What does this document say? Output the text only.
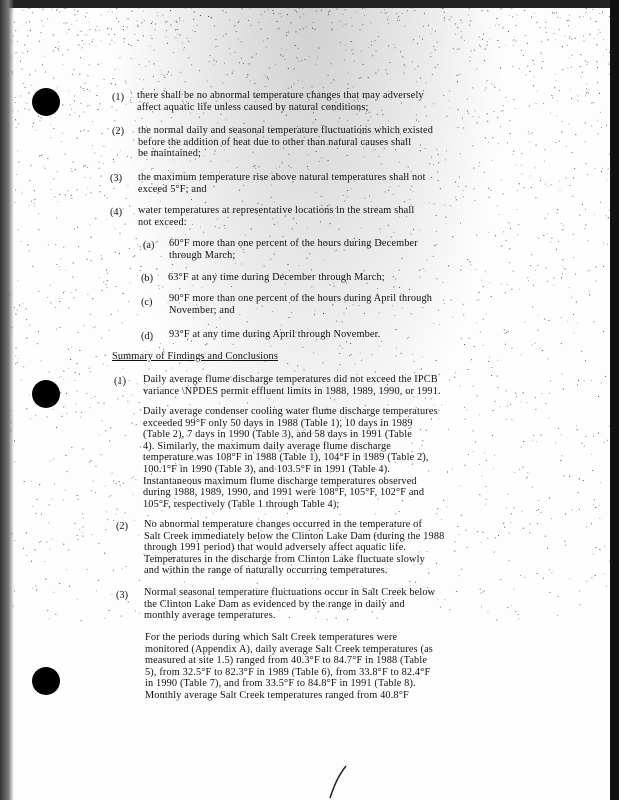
(1) there shall be no abnormal temperature changes that may adversely
affect aquatic life unless caused by natural conditions;
(2) the normal daily and seasonal temperature fluctuations which existed
before the addition of heat due to other than natural causes shall
be maintained;
(3) the maximum temperature rise above natural temperatures shall not
exceed 5°F; and
(4) water temperatures at representative locations in the stream shall
not exceed:
(a) 60°F more than one percent of the hours during December
through March;
(b) 63°F at any time during December through March;
(c) 90°F more than one percent of the hours during April through
November; and
(d) 93°F at any time during April through November.
Summary of Findings and Conclusions
(1) Daily average flume discharge temperatures did not exceed the IPCB
variance \NPDES permit effluent limits in 1988, 1989, 1990, or 1991.
Daily average condenser cooling water flume discharge temperatures
exceeded 99°F only 50 days in 1988 (Table 1), 10 days in 1989
(Table 2), 7 days in 1990 (Table 3), and 58 days in 1991 (Table
4). Similarly, the maximum daily average flume discharge
temperature was 108°F in 1988 (Table 1), 104°F in 1989 (Table 2),
100.1°F in 1990 (Table 3), and 103.5°F in 1991 (Table 4).
Instantaneous maximum flume discharge temperatures observed
during 1988, 1989, 1990, and 1991 were 108°F, 105°F, 102°F and
105°F, respectively (Table 1 through Table 4);
(2) No abnormal temperature changes occurred in the temperature of
Salt Creek immediately below the Clinton Lake Dam (during the 1988
through 1991 period) that would adversely affect aquatic life.
Temperatures in the discharge from Clinton Lake fluctuate slowly
and within the range of naturally occurring temperatures.
(3) Normal seasonal temperature fluctuations occur in Salt Creek below
the Clinton Lake Dam as evidenced by the range in daily and
monthly average temperatures.
For the periods during which Salt Creek temperatures were
monitored (Appendix A), daily average Salt Creek temperatures (as
measured at site 1.5) ranged from 40.3°F to 84.7°F in 1988 (Table
5), from 32.5°F to 82.3°F in 1989 (Table 6), from 33.8°F to 82.4°F
in 1990 (Table 7), and from 33.5°F to 84.8°F in 1991 (Table 8).
Monthly average Salt Creek temperatures ranged from 40.8°F
